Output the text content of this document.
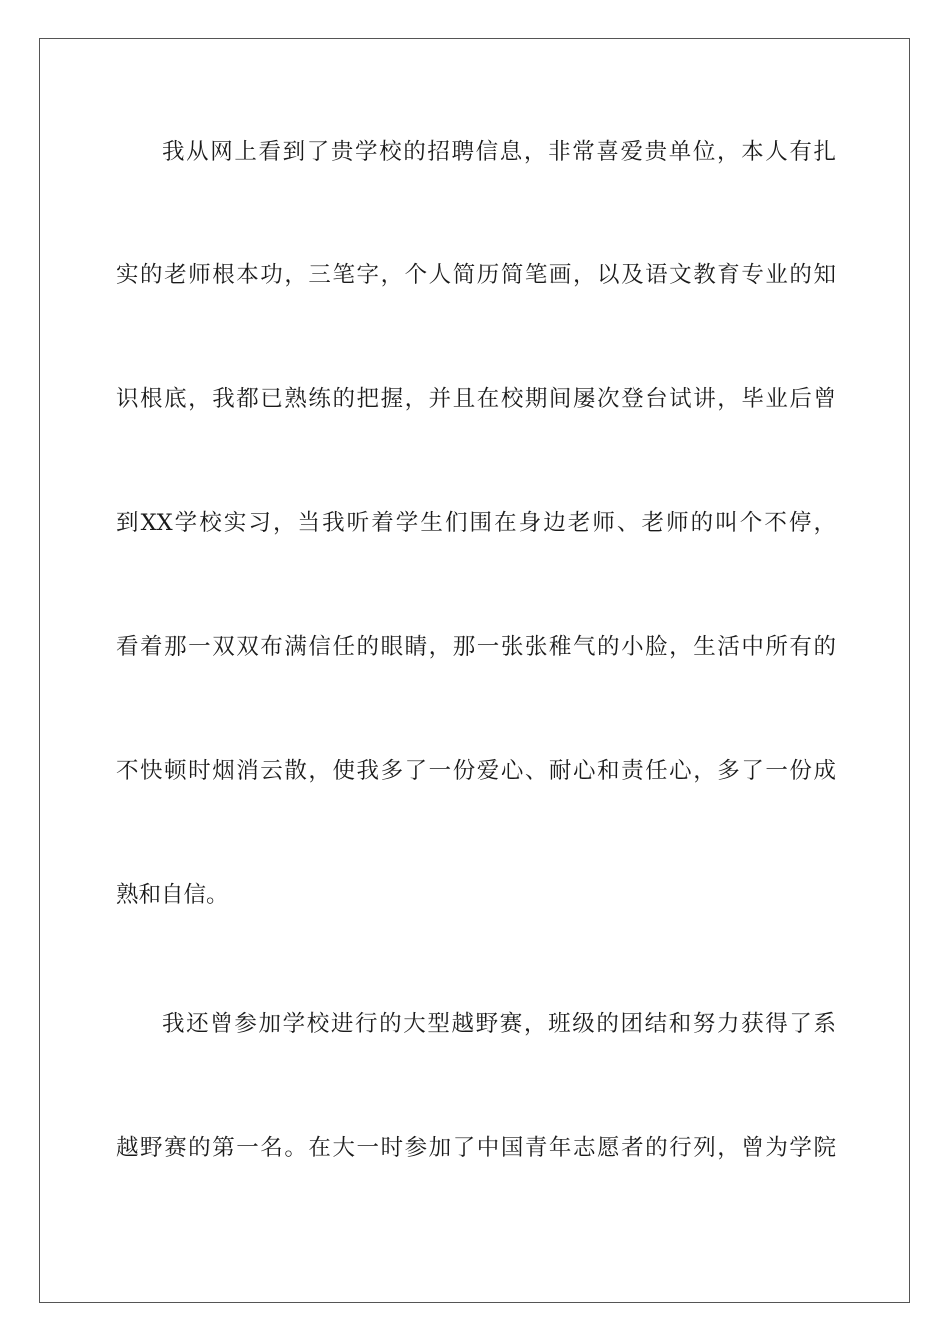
我从网上看到了贵学校的招聘信息，非常喜爱贵单位，本人有扎
实的老师根本功，三笔字，个人简历简笔画，以及语文教育专业的知
识根底，我都已熟练的把握，并且在校期间屡次登台试讲，毕业后曾
到XX学校实习，当我听着学生们围在身边老师、老师的叫个不停，
看着那一双双布满信任的眼睛，那一张张稚气的小脸，生活中所有的
不快顿时烟消云散，使我多了一份爱心、耐心和责任心，多了一份成
熟和自信。
我还曾参加学校进行的大型越野赛，班级的团结和努力获得了系
越野赛的第一名。在大一时参加了中国青年志愿者的行列，曾为学院
